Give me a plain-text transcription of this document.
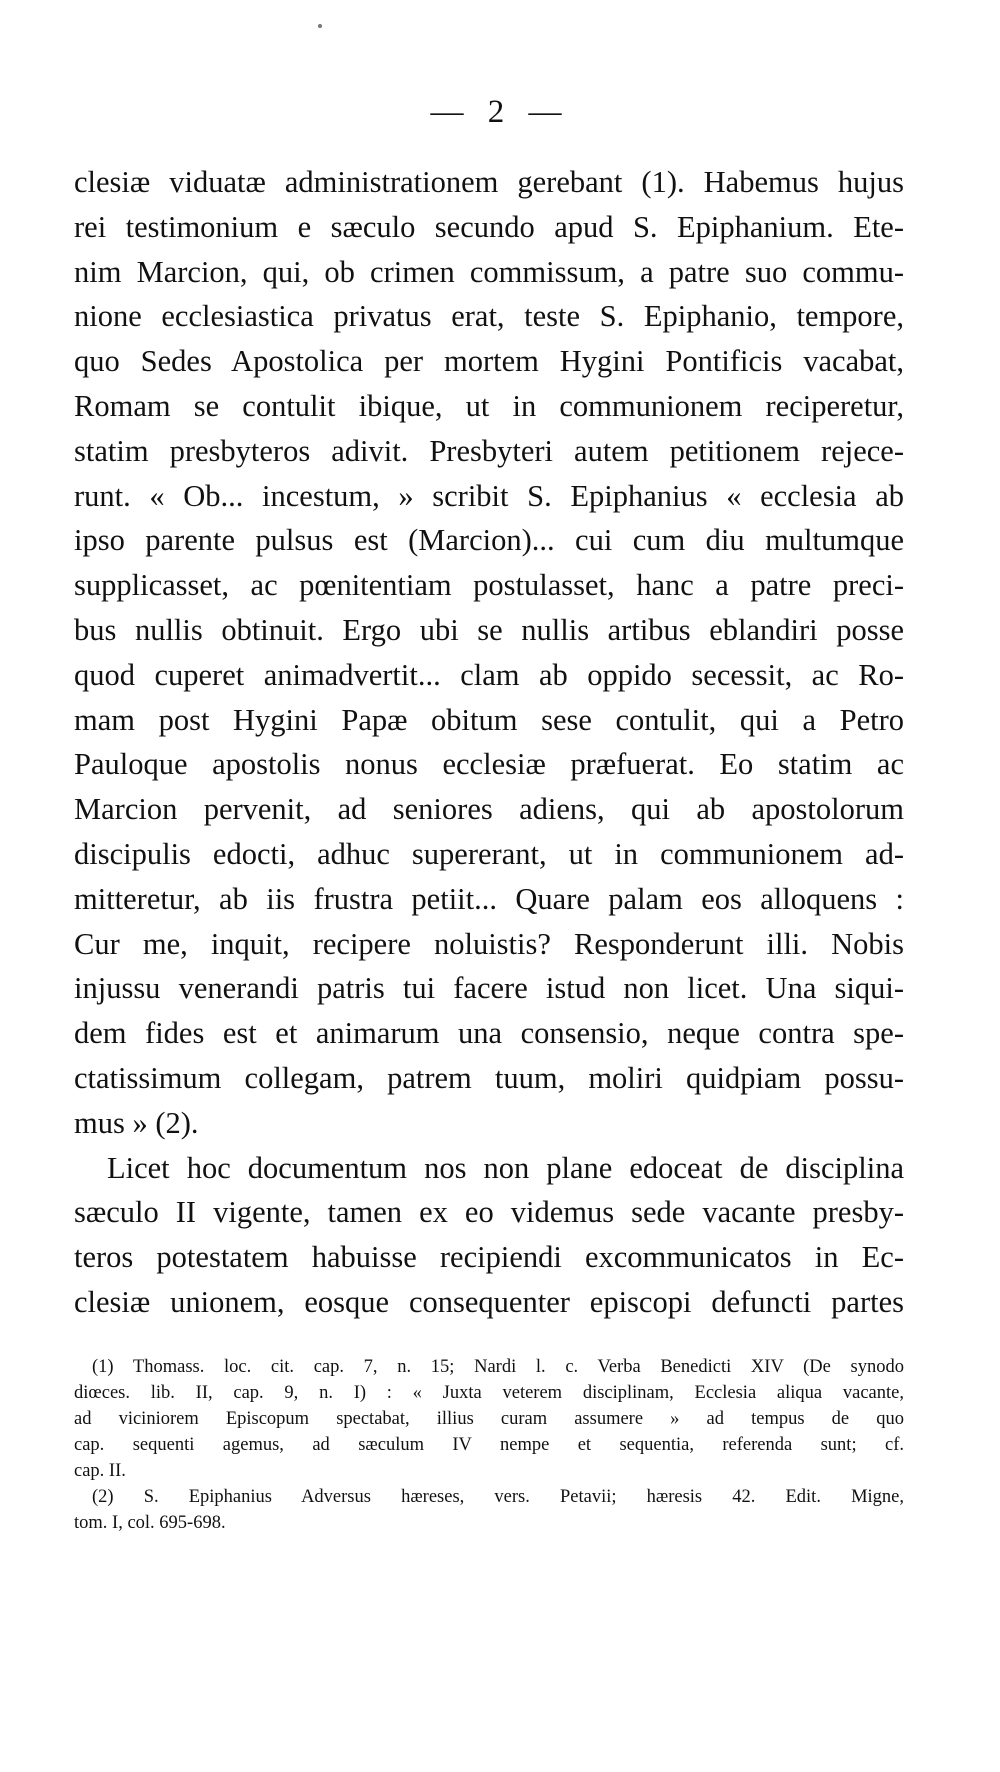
— 2 —
clesiæ viduatæ administrationem gerebant (1). Habemus hujus
rei testimonium e sæculo secundo apud S. Epiphanium. Ete-
nim Marcion, qui, ob crimen commissum, a patre suo commu-
nione ecclesiastica privatus erat, teste S. Epiphanio, tempore,
quo Sedes Apostolica per mortem Hygini Pontificis vacabat,
Romam se contulit ibique, ut in communionem reciperetur,
statim presbyteros adivit. Presbyteri autem petitionem rejece-
runt. « Ob... incestum, » scribit S. Epiphanius « ecclesia ab
ipso parente pulsus est (Marcion)... cui cum diu multumque
supplicasset, ac pœnitentiam postulasset, hanc a patre preci-
bus nullis obtinuit. Ergo ubi se nullis artibus eblandiri posse
quod cuperet animadvertit... clam ab oppido secessit, ac Ro-
mam post Hygini Papæ obitum sese contulit, qui a Petro
Pauloque apostolis nonus ecclesiæ præfuerat. Eo statim ac
Marcion pervenit, ad seniores adiens, qui ab apostolorum
discipulis edocti, adhuc supererant, ut in communionem ad-
mitteretur, ab iis frustra petiit... Quare palam eos alloquens :
Cur me, inquit, recipere noluistis? Responderunt illi. Nobis
injussu venerandi patris tui facere istud non licet. Una siqui-
dem fides est et animarum una consensio, neque contra spe-
ctatissimum collegam, patrem tuum, moliri quidpiam possu-
mus » (2).
Licet hoc documentum nos non plane edoceat de disciplina
sæculo II vigente, tamen ex eo videmus sede vacante presby-
teros potestatem habuisse recipiendi excommunicatos in Ec-
clesiæ unionem, eosque consequenter episcopi defuncti partes
(1) Thomass. loc. cit. cap. 7, n. 15; Nardi l. c. Verba Benedicti XIV (De synodo
diœces. lib. II, cap. 9, n. I) : « Juxta veterem disciplinam, Ecclesia aliqua vacante,
ad viciniorem Episcopum spectabat, illius curam assumere » ad tempus de quo
cap. sequenti agemus, ad sæculum IV nempe et sequentia, referenda sunt; cf.
cap. II.
(2) S. Epiphanius Adversus hæreses, vers. Petavii; hæresis 42. Edit. Migne,
tom. I, col. 695-698.
